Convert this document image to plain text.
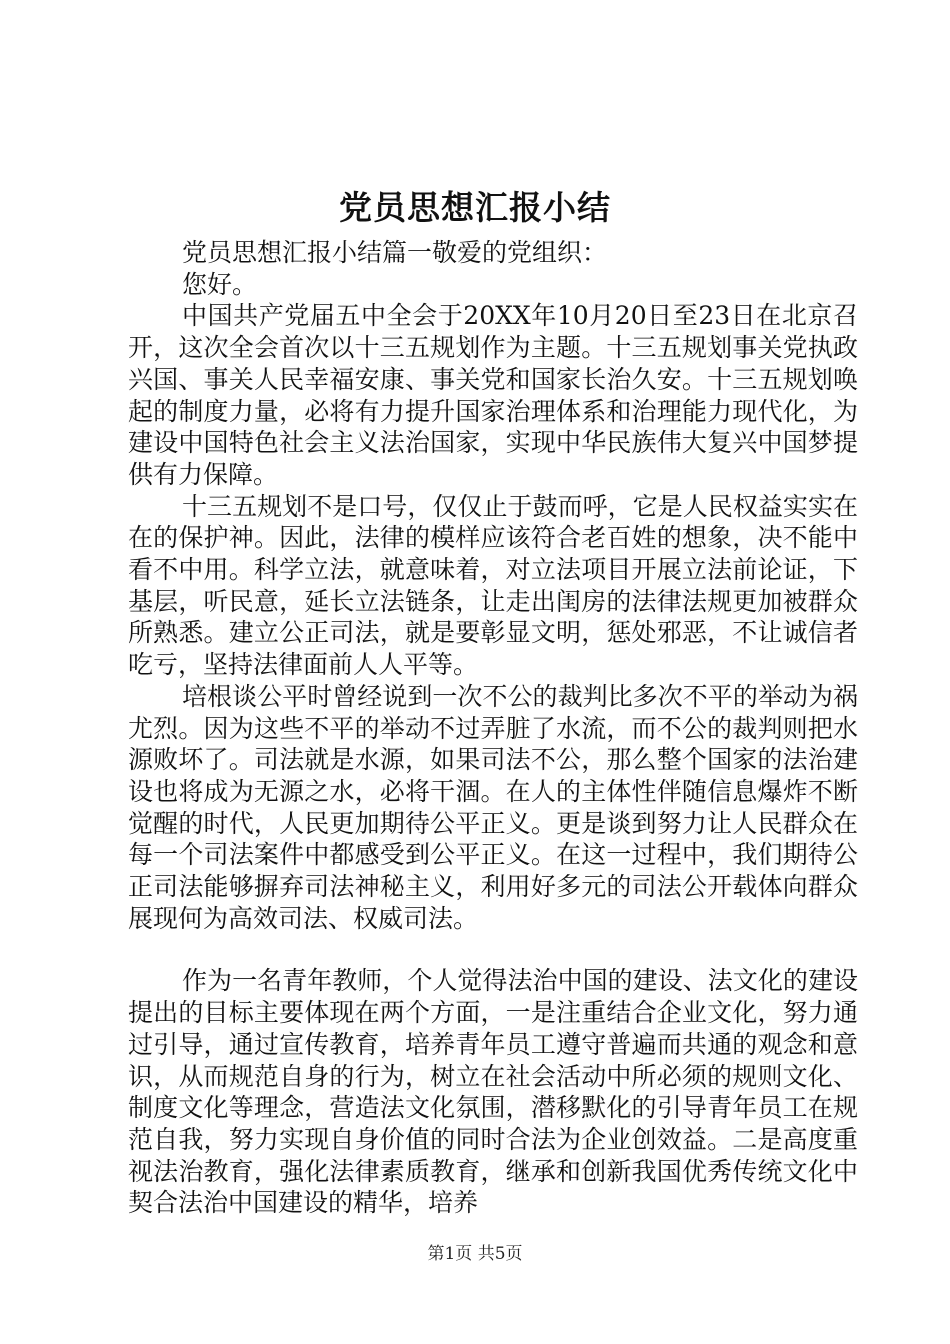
党员思想汇报小结

党员思想汇报小结篇一敬爱的党组织：

您好。

中国共产党届五中全会于20XX年10月20日至23日在北京召开，这次全会首次以十三五规划作为主题。十三五规划事关党执政兴国、事关人民幸福安康、事关党和国家长治久安。十三五规划唤起的制度力量，必将有力提升国家治理体系和治理能力现代化，为建设中国特色社会主义法治国家，实现中华民族伟大复兴中国梦提供有力保障。

十三五规划不是口号，仅仅止于鼓而呼，它是人民权益实实在在的保护神。因此，法律的模样应该符合老百姓的想象，决不能中看不中用。科学立法，就意味着，对立法项目开展立法前论证，下基层，听民意，延长立法链条，让走出闺房的法律法规更加被群众所熟悉。建立公正司法，就是要彰显文明，惩处邪恶，不让诚信者吃亏，坚持法律面前人人平等。

培根谈公平时曾经说到一次不公的裁判比多次不平的举动为祸尤烈。因为这些不平的举动不过弄脏了水流，而不公的裁判则把水源败坏了。司法就是水源，如果司法不公，那么整个国家的法治建设也将成为无源之水，必将干涸。在人的主体性伴随信息爆炸不断觉醒的时代，人民更加期待公平正义。更是谈到努力让人民群众在每一个司法案件中都感受到公平正义。在这一过程中，我们期待公正司法能够摒弃司法神秘主义，利用好多元的司法公开载体向群众展现何为高效司法、权威司法。

作为一名青年教师，个人觉得法治中国的建设、法文化的建设提出的目标主要体现在两个方面，一是注重结合企业文化，努力通过引导，通过宣传教育，培养青年员工遵守普遍而共通的观念和意识，从而规范自身的行为，树立在社会活动中所必须的规则文化、制度文化等理念，营造法文化氛围，潜移默化的引导青年员工在规范自我，努力实现自身价值的同时合法为企业创效益。二是高度重视法治教育，强化法律素质教育，继承和创新我国优秀传统文化中契合法治中国建设的精华，培养

第1页 共5页
